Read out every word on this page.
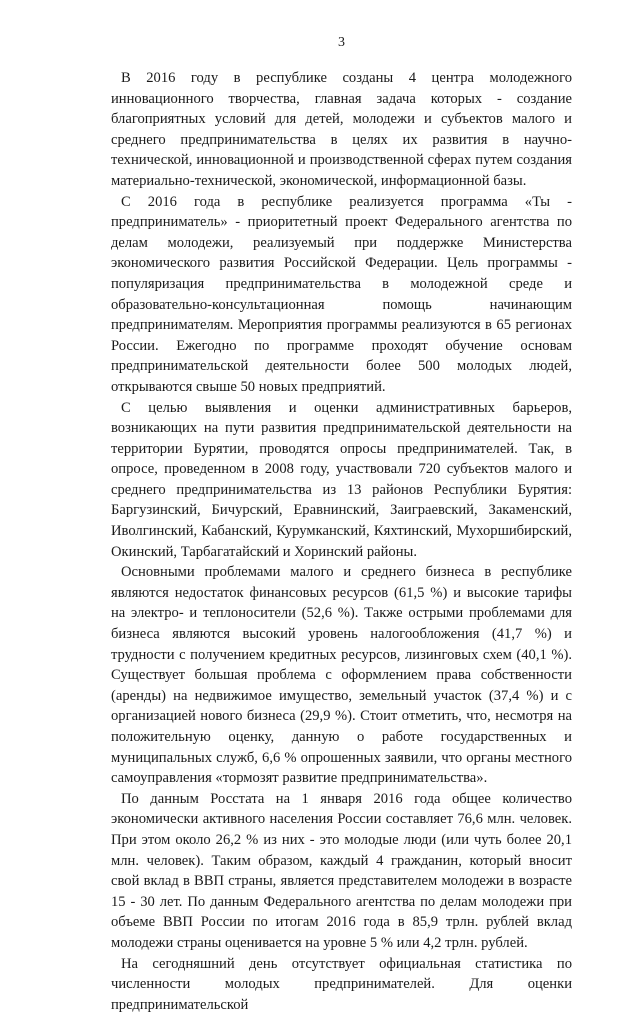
3

В 2016 году в республике созданы 4 центра молодежного инновационного творчества, главная задача которых - создание благоприятных условий для детей, молодежи и субъектов малого и среднего предпринимательства в целях их развития в научно-технической, инновационной и производственной сферах путем создания материально-технической, экономической, информационной базы.

С 2016 года в республике реализуется программа «Ты - предприниматель» - приоритетный проект Федерального агентства по делам молодежи, реализуемый при поддержке Министерства экономического развития Российской Федерации. Цель программы - популяризация предпринимательства в молодежной среде и образовательно-консультационная помощь начинающим предпринимателям. Мероприятия программы реализуются в 65 регионах России. Ежегодно по программе проходят обучение основам предпринимательской деятельности более 500 молодых людей, открываются свыше 50 новых предприятий.

С целью выявления и оценки административных барьеров, возникающих на пути развития предпринимательской деятельности на территории Бурятии, проводятся опросы предпринимателей. Так, в опросе, проведенном в 2008 году, участвовали 720 субъектов малого и среднего предпринимательства из 13 районов Республики Бурятия: Баргузинский, Бичурский, Еравнинский, Заиграевский, Закаменский, Иволгинский, Кабанский, Курумканский, Кяхтинский, Мухоршибирский, Окинский, Тарбагатайский и Хоринский районы.

Основными проблемами малого и среднего бизнеса в республике являются недостаток финансовых ресурсов (61,5 %) и высокие тарифы на электро- и теплоносители (52,6 %). Также острыми проблемами для бизнеса являются высокий уровень налогообложения (41,7 %) и трудности с получением кредитных ресурсов, лизинговых схем (40,1 %). Существует большая проблема с оформлением права собственности (аренды) на недвижимое имущество, земельный участок (37,4 %) и с организацией нового бизнеса (29,9 %). Стоит отметить, что, несмотря на положительную оценку, данную о работе государственных и муниципальных служб, 6,6 % опрошенных заявили, что органы местного самоуправления «тормозят развитие предпринимательства».

По данным Росстата на 1 января 2016 года общее количество экономически активного населения России составляет 76,6 млн. человек. При этом около 26,2 % из них - это молодые люди (или чуть более 20,1 млн. человек). Таким образом, каждый 4 гражданин, который вносит свой вклад в ВВП страны, является представителем молодежи в возрасте 15 - 30 лет. По данным Федерального агентства по делам молодежи при объеме ВВП России по итогам 2016 года в 85,9 трлн. рублей вклад молодежи страны оценивается на уровне 5 % или 4,2 трлн. рублей.

На сегодняшний день отсутствует официальная статистика по численности молодых предпринимателей. Для оценки предпринимательской
